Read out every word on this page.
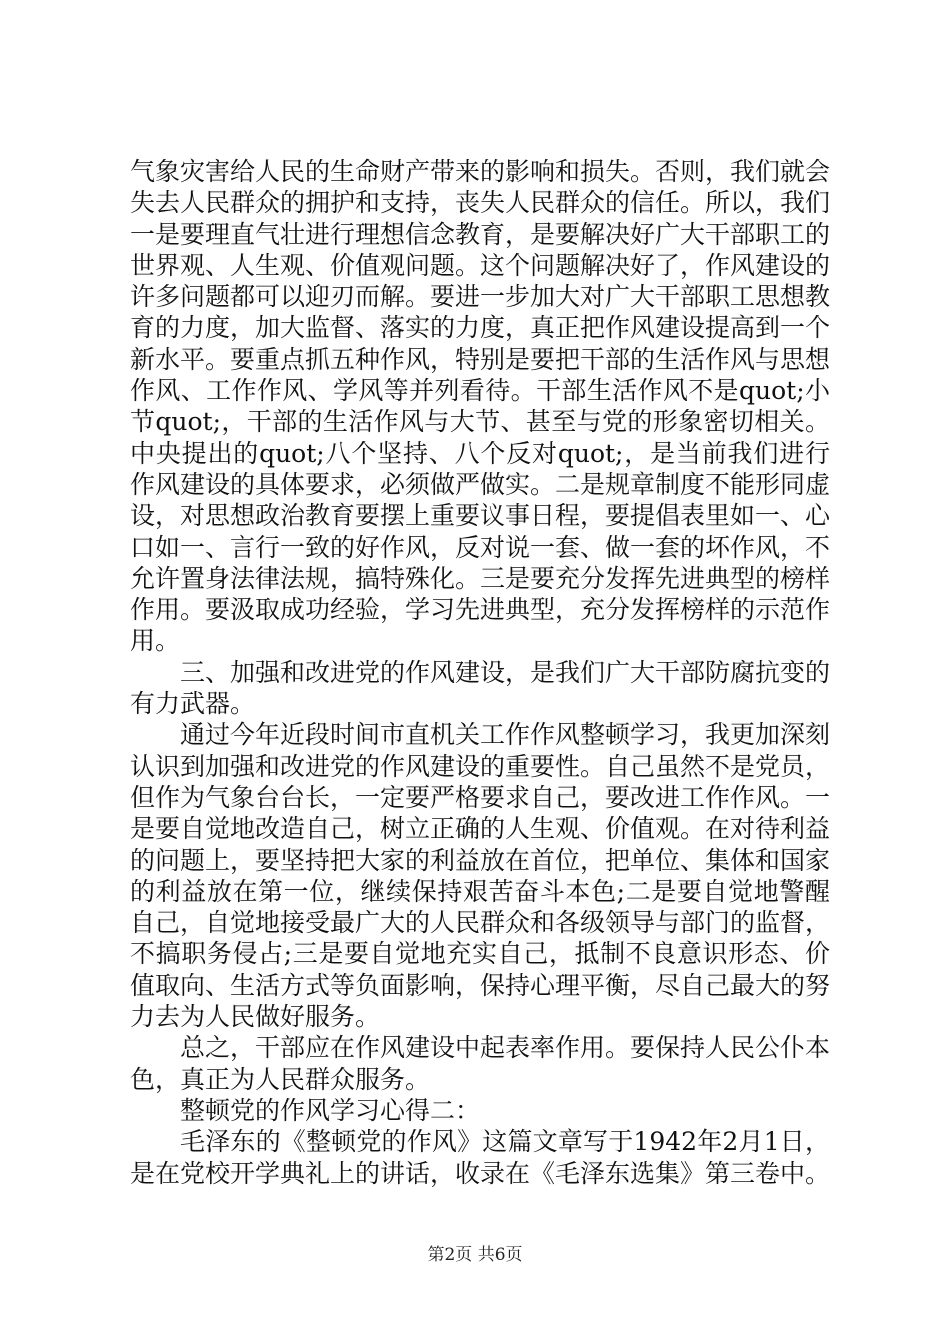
气象灾害给人民的生命财产带来的影响和损失。否则，我们就会失去人民群众的拥护和支持，丧失人民群众的信任。所以，我们一是要理直气壮进行理想信念教育，是要解决好广大干部职工的世界观、人生观、价值观问题。这个问题解决好了，作风建设的许多问题都可以迎刃而解。要进一步加大对广大干部职工思想教育的力度，加大监督、落实的力度，真正把作风建设提高到一个新水平。要重点抓五种作风，特别是要把干部的生活作风与思想作风、工作作风、学风等并列看待。干部生活作风不是quot;小节quot;，干部的生活作风与大节、甚至与党的形象密切相关。中央提出的quot;八个坚持、八个反对quot;，是当前我们进行作风建设的具体要求，必须做严做实。二是规章制度不能形同虚设，对思想政治教育要摆上重要议事日程，要提倡表里如一、心口如一、言行一致的好作风，反对说一套、做一套的坏作风，不允许置身法律法规，搞特殊化。三是要充分发挥先进典型的榜样作用。要汲取成功经验，学习先进典型，充分发挥榜样的示范作用。

三、加强和改进党的作风建设，是我们广大干部防腐抗变的有力武器。

通过今年近段时间市直机关工作作风整顿学习，我更加深刻认识到加强和改进党的作风建设的重要性。自己虽然不是党员，但作为气象台台长，一定要严格要求自己，要改进工作作风。一是要自觉地改造自己，树立正确的人生观、价值观。在对待利益的问题上，要坚持把大家的利益放在首位，把单位、集体和国家的利益放在第一位，继续保持艰苦奋斗本色;二是要自觉地警醒自己，自觉地接受最广大的人民群众和各级领导与部门的监督，不搞职务侵占;三是要自觉地充实自己，抵制不良意识形态、价值取向、生活方式等负面影响，保持心理平衡，尽自己最大的努力去为人民做好服务。

总之，干部应在作风建设中起表率作用。要保持人民公仆本色，真正为人民群众服务。

整顿党的作风学习心得二：

毛泽东的《整顿党的作风》这篇文章写于1942年2月1日，是在党校开学典礼上的讲话，收录在《毛泽东选集》第三卷中。

第2页 共6页
